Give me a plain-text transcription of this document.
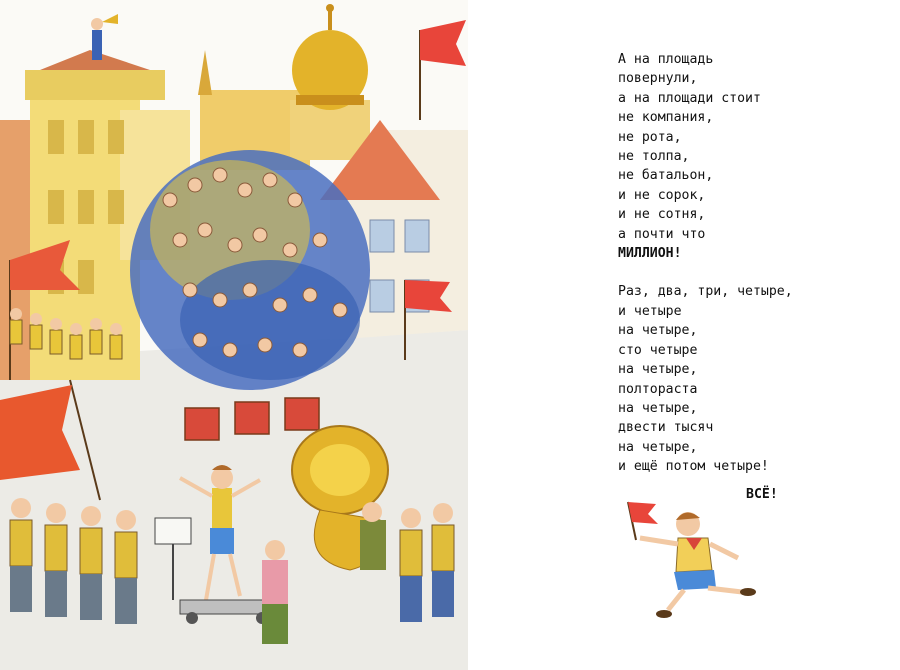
А на площадь
повернули,
а на площади стоит
не компания,
не рота,
не толпа,
не батальон,
и не сорок,
и не сотня,
а почти что
МИЛЛИОН!
Раз, два, три, четыре,
и четыре
на четыре,
сто четыре
на четыре,
полтораста
на четыре,
двести тысяч
на четыре,
и ещё потом четыре!
ВСЁ!
